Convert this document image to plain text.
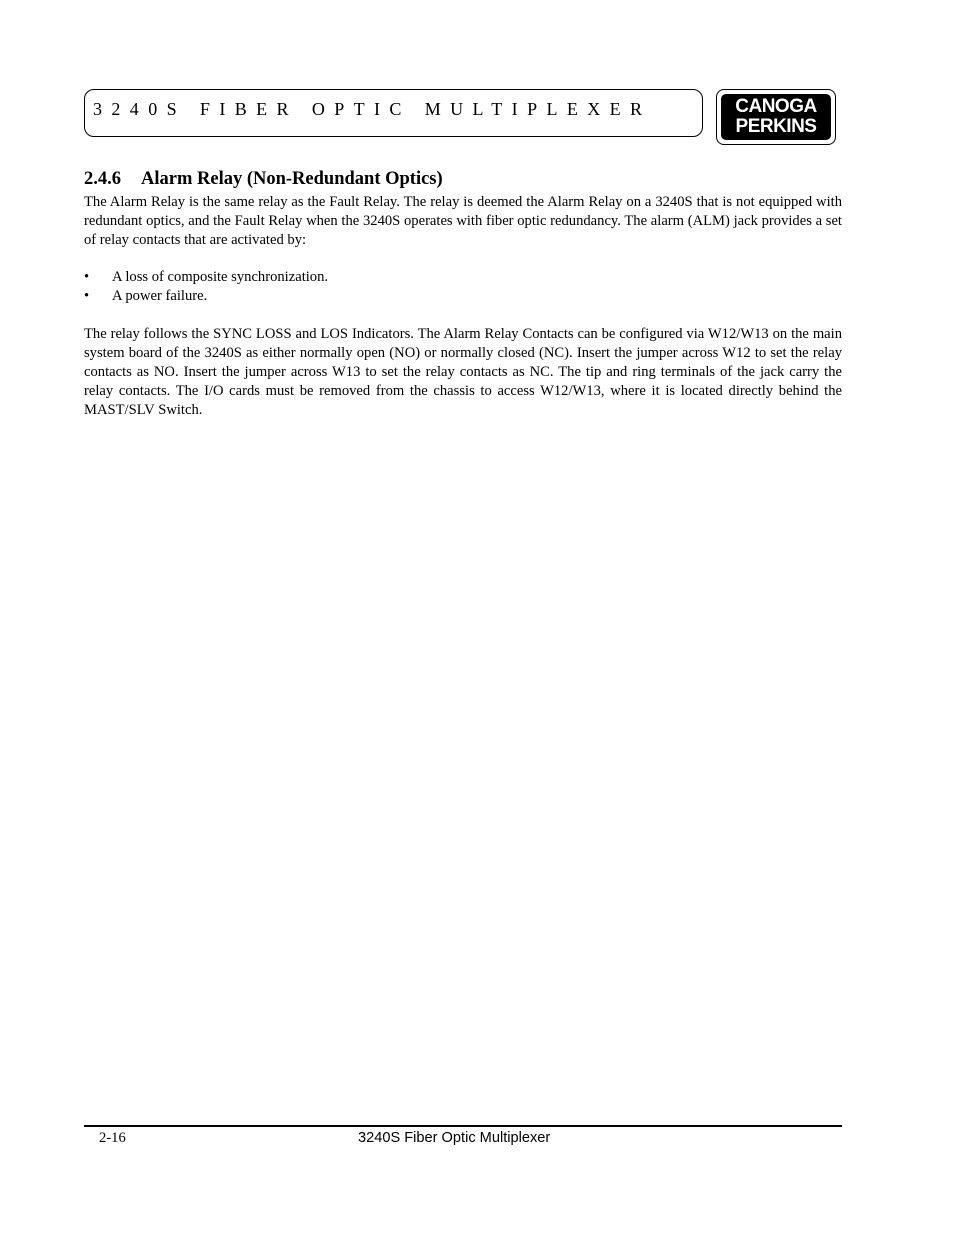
3240S FIBER OPTIC MULTIPLEXER	CANOGA
PERKINS
2.4.6 Alarm Relay (Non-Redundant Optics)

The Alarm Relay is the same relay as the Fault Relay. The relay is deemed the Alarm Relay on a 3240S that is not equipped with redundant optics, and the Fault Relay when the 3240S operates with fiber optic redundancy. The alarm (ALM) jack provides a set of relay contacts that are activated by:

• A loss of composite synchronization.
• A power failure.

The relay follows the SYNC LOSS and LOS Indicators. The Alarm Relay Contacts can be configured via W12/W13 on the main system board of the 3240S as either normally open (NO) or normally closed (NC). Insert the jumper across W12 to set the relay contacts as NO. Insert the jumper across W13 to set the relay contacts as NC. The tip and ring terminals of the jack carry the relay contacts. The I/O cards must be removed from the chassis to access W12/W13, where it is located directly behind the MAST/SLV Switch.

2-16	3240S Fiber Optic Multiplexer
